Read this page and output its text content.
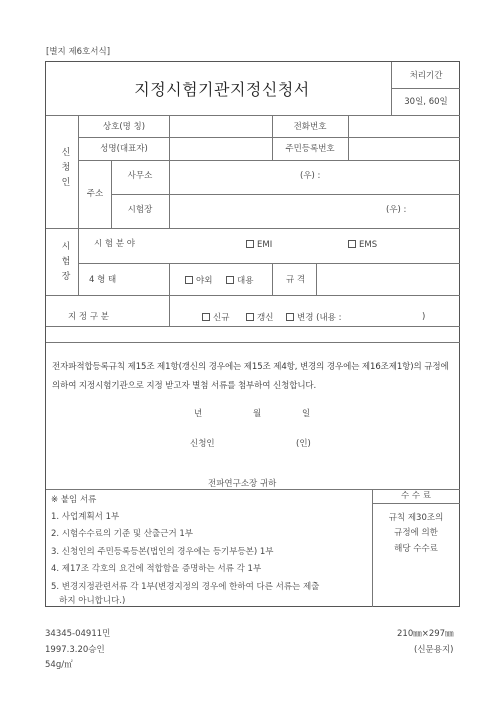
[별지 제6호서식]
지정시험기관지정신청서
처리기간
30일, 60일
신
청
인
상호(명 칭)	전화번호
성명(대표자)	주민등록번호
주소
사무소	(우) :
시험장	(우) :
시
험
장
시 험 분 야	EMI	EMS
4 형 태	야외	대용	규 격
지 정 구 분	신규	갱신	변경 (내용 :	)
전자파적합등록규칙 제15조 제1항(갱신의 경우에는 제15조 제4항, 변경의 경우에는 제16조제1항)의 규정에 의하여 지정시험기관으로 지정 받고자 별첨 서류를 첨부하여 신청합니다.
년	월	일
신청인	(인)
전파연구소장 귀하
수 수 료
규칙 제30조의
규정에 의한
해당 수수료
※ 붙임 서류
1. 사업계획서 1부
2. 시험수수료의 기준 및 산출근거 1부
3. 신청인의 주민등록등본(법인의 경우에는 등기부등본) 1부
4. 제17조 각호의 요건에 적합함을 증명하는 서류 각 1부
5. 변경지정관련서류 각 1부(변경지정의 경우에 한하여 다른 서류는 제출
하지 아니합니다.)
34345-04911민
1997.3.20승인
54g/㎡
210㎜×297㎜
(신문용지)
